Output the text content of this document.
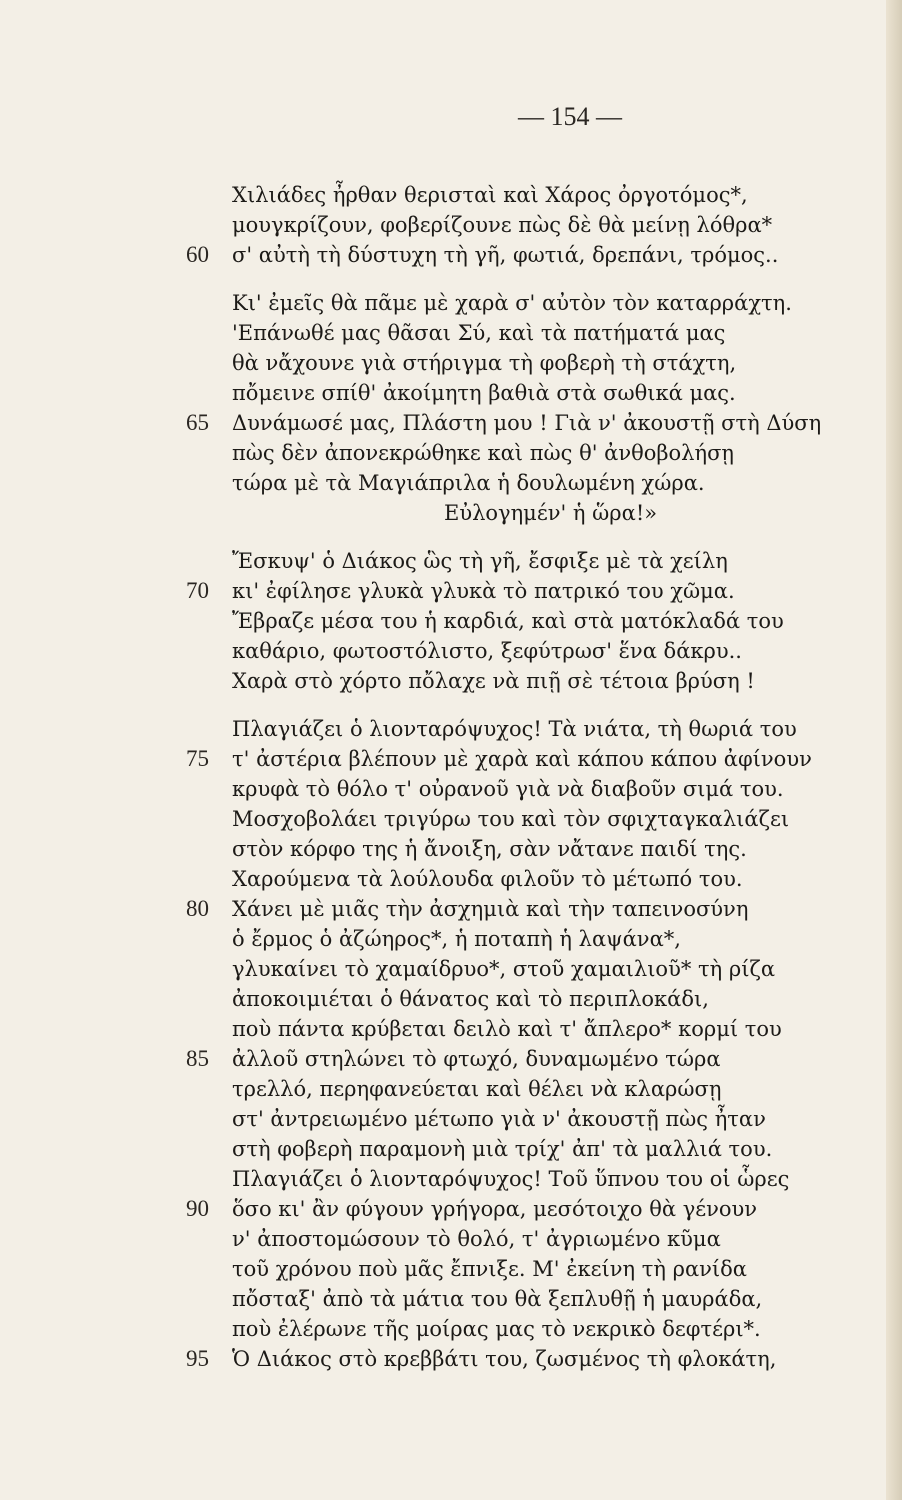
— 154 —
Χιλιάδες ἦρθαν θερισταὶ καὶ Χάρος ὀργοτόμος*,
μουγκρίζουν, φοβερίζουνε πὼς δὲ θὰ μείνῃ λόθρα*
60 σ' αὐτὴ τὴ δύστυχη τὴ γῆ, φωτιά, δρεπάνι, τρόμος..
Κι' ἐμεῖς θὰ πᾶμε μὲ χαρὰ σ' αὐτὸν τὸν καταρράχτη.
'Επάνωθέ μας θᾶσαι Σύ, καὶ τὰ πατήματά μας
θὰ νἄχουνε γιὰ στήριγμα τὴ φοβερὴ τὴ στάχτη,
πὄμεινε σπίθ' ἀκοίμητη βαθιὰ στὰ σωθικά μας.
65 Δυνάμωσέ μας, Πλάστη μου ! Γιὰ ν' ἀκουστῇ στὴ Δύση
πὼς δὲν ἀπονεκρώθηκε καὶ πὼς θ' ἀνθοβολήσῃ
τώρα μὲ τὰ Μαγιάπριλα ἡ δουλωμένη χώρα.
Εὐλογημέν' ἡ ὥρα!»
Ἔσκυψ' ὁ Διάκος ὣς τὴ γῆ, ἔσφιξε μὲ τὰ χείλη
70 κι' ἐφίλησε γλυκὰ γλυκὰ τὸ πατρικό του χῶμα.
Ἔβραζε μέσα του ἡ καρδιά, καὶ στὰ ματόκλαδά του
καθάριο, φωτοστόλιστο, ξεφύτρωσ' ἕνα δάκρυ..
Χαρὰ στὸ χόρτο πὄλαχε νὰ πιῇ σὲ τέτοια βρύση !
Πλαγιάζει ὁ λιονταρόψυχος! Τὰ νιάτα, τὴ θωριά του
75 τ' ἀστέρια βλέπουν μὲ χαρὰ καὶ κάπου κάπου ἀφίνουν
κρυφὰ τὸ θόλο τ' οὐρανοῦ γιὰ νὰ διαβοῦν σιμά του.
Μοσχοβολάει τριγύρω του καὶ τὸν σφιχταγκαλιάζει
στὸν κόρφο της ἡ ἄνοιξη, σὰν νἄτανε παιδί της.
Χαρούμενα τὰ λούλουδα φιλοῦν τὸ μέτωπό του.
80 Χάνει μὲ μιᾶς τὴν ἀσχημιὰ καὶ τὴν ταπεινοσύνη
ὁ ἔρμος ὁ ἀζώηρος*, ἡ ποταπὴ ἡ λαψάνα*,
γλυκαίνει τὸ χαμαίδρυο*, στοῦ χαμαιλιοῦ* τὴ ρίζα
ἀποκοιμιέται ὁ θάνατος καὶ τὸ περιπλοκάδι,
ποὺ πάντα κρύβεται δειλὸ καὶ τ' ἄπλερο* κορμί του
85 ἀλλοῦ στηλώνει τὸ φτωχό, δυναμωμένο τώρα
τρελλό, περηφανεύεται καὶ θέλει νὰ κλαρώσῃ
στ' ἀντρειωμένο μέτωπο γιὰ ν' ἀκουστῇ πὼς ἦταν
στὴ φοβερὴ παραμονὴ μιὰ τρίχ' ἀπ' τὰ μαλλιά του.
Πλαγιάζει ὁ λιονταρόψυχος! Τοῦ ὕπνου του οἱ ὧρες
90 ὅσο κι' ἂν φύγουν γρήγορα, μεσότοιχο θὰ γένουν
ν' ἀποστομώσουν τὸ θολό, τ' ἀγριωμένο κῦμα
τοῦ χρόνου ποὺ μᾶς ἔπνιξε. Μ' ἐκείνη τὴ ρανίδα
πὄσταξ' ἀπὸ τὰ μάτια του θὰ ξεπλυθῇ ἡ μαυράδα,
ποὺ ἐλέρωνε τῆς μοίρας μας τὸ νεκρικὸ δεφτέρι*.
95 Ὁ Διάκος στὸ κρεββάτι του, ζωσμένος τὴ φλοκάτη,
